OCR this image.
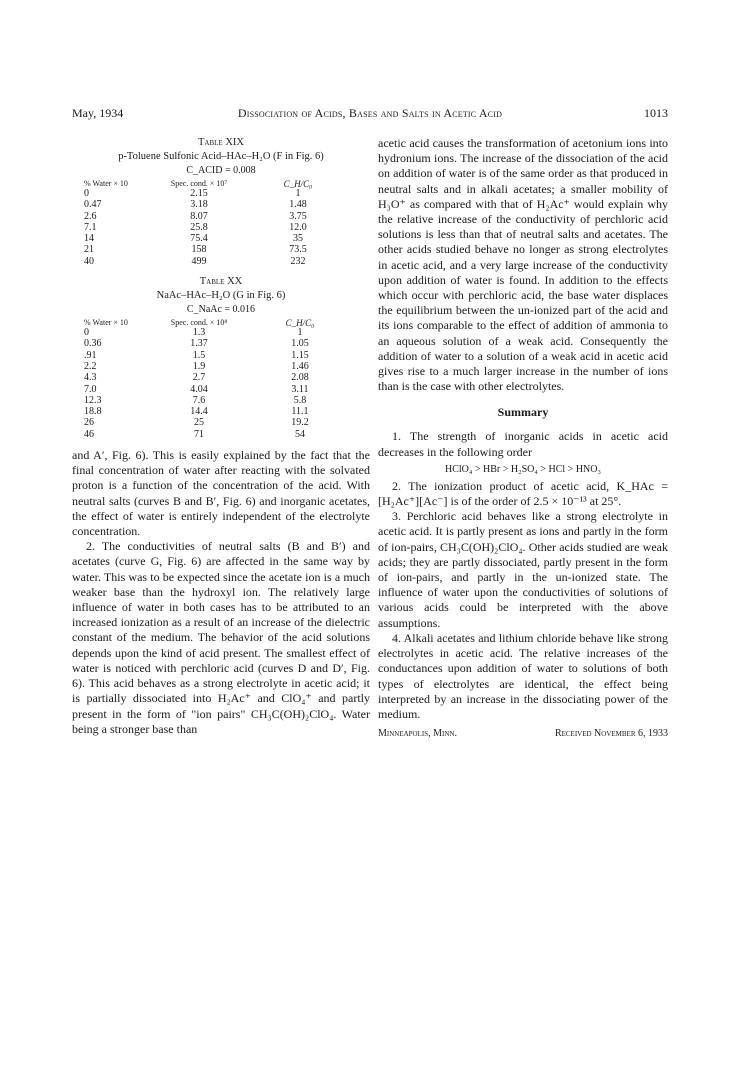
May, 1934	Dissociation of Acids, Bases and Salts in Acetic Acid	1013
Table XIX
p-Toluene Sulfonic Acid–HAc–H₂O (F in Fig. 6)
C_ACID = 0.008
% Water × 10	Spec. cond. × 10⁷	C_H/C₀
0	2.15	1
0.47	3.18	1.48
2.6	8.07	3.75
7.1	25.8	12.0
14	75.4	35
21	158	73.5
40	499	232
Table XX
NaAc–HAc–H₂O (G in Fig. 6)
C_NaAc = 0.016
% Water × 10	Spec. cond. × 10⁸	C_H/C₀
0	1.3	1
0.36	1.37	1.05
.91	1.5	1.15
2.2	1.9	1.46
4.3	2.7	2.08
7.0	4.04	3.11
12.3	7.6	5.8
18.8	14.4	11.1
26	25	19.2
46	71	54

and A′, Fig. 6). This is easily explained by the fact that the final concentration of water after reacting with the solvated proton is a function of the concentration of the acid. With neutral salts (curves B and B′, Fig. 6) and inorganic acetates, the effect of water is entirely independent of the electrolyte concentration.

2. The conductivities of neutral salts (B and B′) and acetates (curve G, Fig. 6) are affected in the same way by water. This was to be expected since the acetate ion is a much weaker base than the hydroxyl ion. The relatively large influence of water in both cases has to be attributed to an increased ionization as a result of an increase of the dielectric constant of the medium. The behavior of the acid solutions depends upon the kind of acid present. The smallest effect of water is noticed with perchloric acid (curves D and D′, Fig. 6). This acid behaves as a strong electrolyte in acetic acid; it is partially dissociated into H₂Ac⁺ and ClO₄⁺ and partly present in the form of "ion pairs" CH₃C(OH)₂ClO₄. Water being a stronger base than

acetic acid causes the transformation of acetonium ions into hydronium ions. The increase of the dissociation of the acid on addition of water is of the same order as that produced in neutral salts and in alkali acetates; a smaller mobility of H₃O⁺ as compared with that of H₂Ac⁺ would explain why the relative increase of the conductivity of perchloric acid solutions is less than that of neutral salts and acetates. The other acids studied behave no longer as strong electrolytes in acetic acid, and a very large increase of the conductivity upon addition of water is found. In addition to the effects which occur with perchloric acid, the base water displaces the equilibrium between the un-ionized part of the acid and its ions comparable to the effect of addition of ammonia to an aqueous solution of a weak acid. Consequently the addition of water to a solution of a weak acid in acetic acid gives rise to a much larger increase in the number of ions than is the case with other electrolytes.

Summary

1. The strength of inorganic acids in acetic acid decreases in the following order

HClO₄ > HBr > H₂SO₄ > HCl > HNO₃

2. The ionization product of acetic acid, K_HAc = [H₂Ac⁺][Ac⁻] is of the order of 2.5 × 10⁻¹³ at 25°.

3. Perchloric acid behaves like a strong electrolyte in acetic acid. It is partly present as ions and partly in the form of ion-pairs, CH₃C(OH)₂ClO₄. Other acids studied are weak acids; they are partly dissociated, partly present in the form of ion-pairs, and partly in the un-ionized state. The influence of water upon the conductivities of solutions of various acids could be interpreted with the above assumptions.

4. Alkali acetates and lithium chloride behave like strong electrolytes in acetic acid. The relative increases of the conductances upon addition of water to solutions of both types of electrolytes are identical, the effect being interpreted by an increase in the dissociating power of the medium.

Minneapolis, Minn.	Received November 6, 1933
